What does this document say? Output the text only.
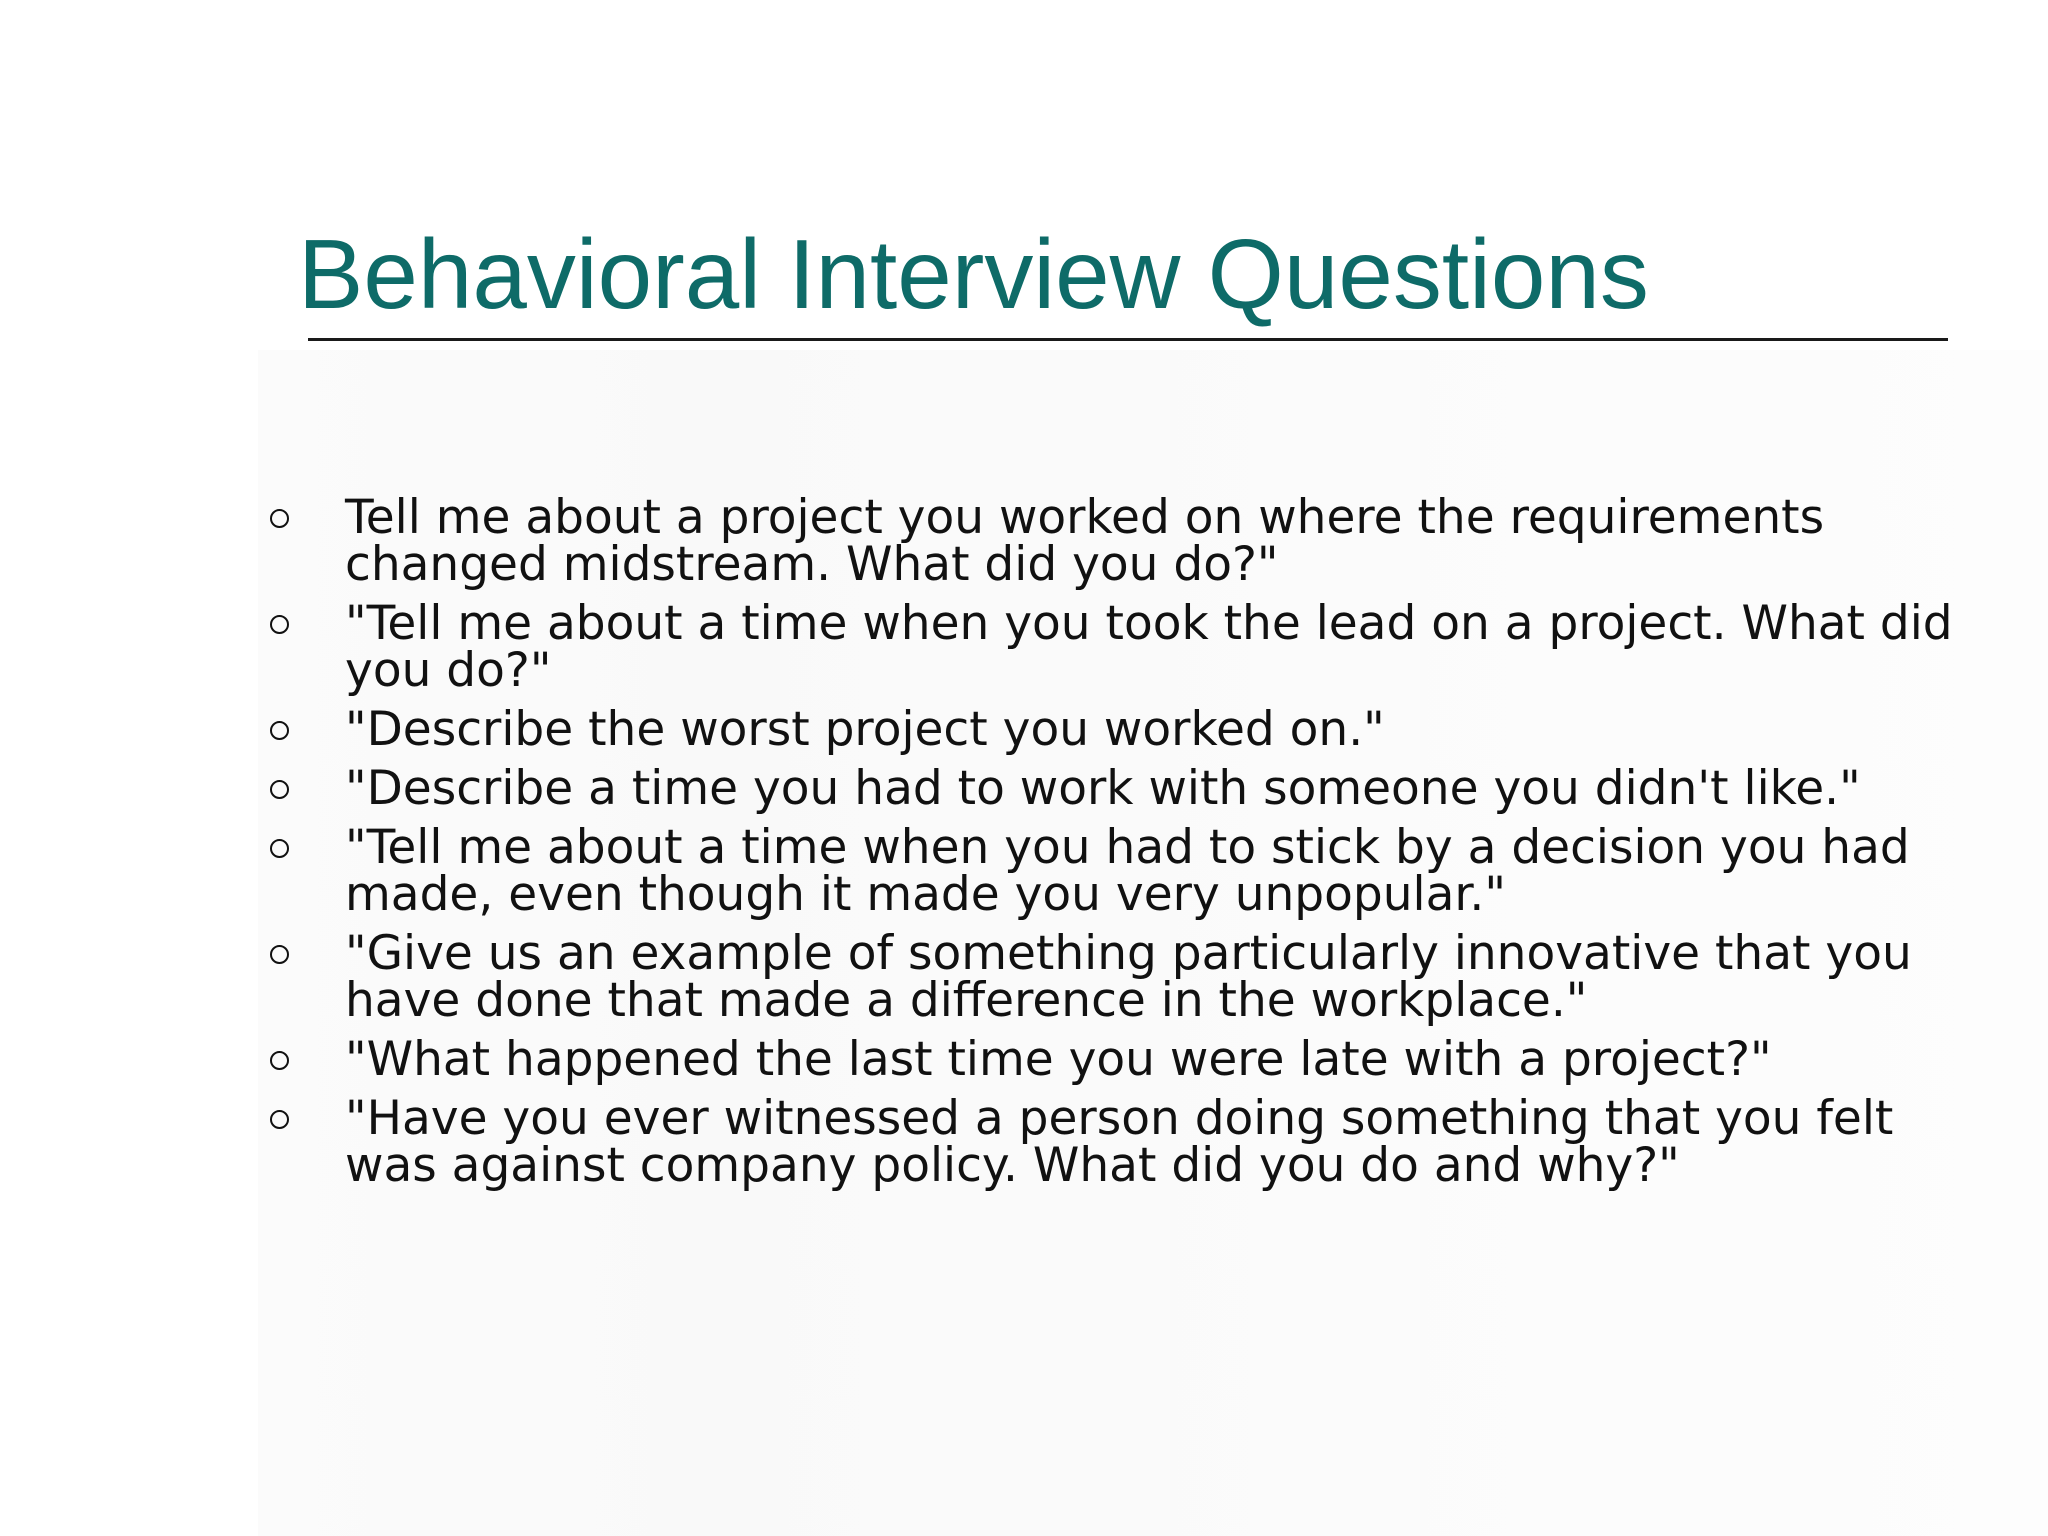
Behavioral Interview Questions
Tell me about a project you worked on where the requirements changed midstream. What did you do?"
"Tell me about a time when you took the lead on a project. What did you do?"
"Describe the worst project you worked on."
"Describe a time you had to work with someone you didn't like."
"Tell me about a time when you had to stick by a decision you had made, even though it made you very unpopular."
"Give us an example of something particularly innovative that you have done that made a difference in the workplace."
"What happened the last time you were late with a project?"
"Have you ever witnessed a person doing something that you felt was against company policy. What did you do and why?"
